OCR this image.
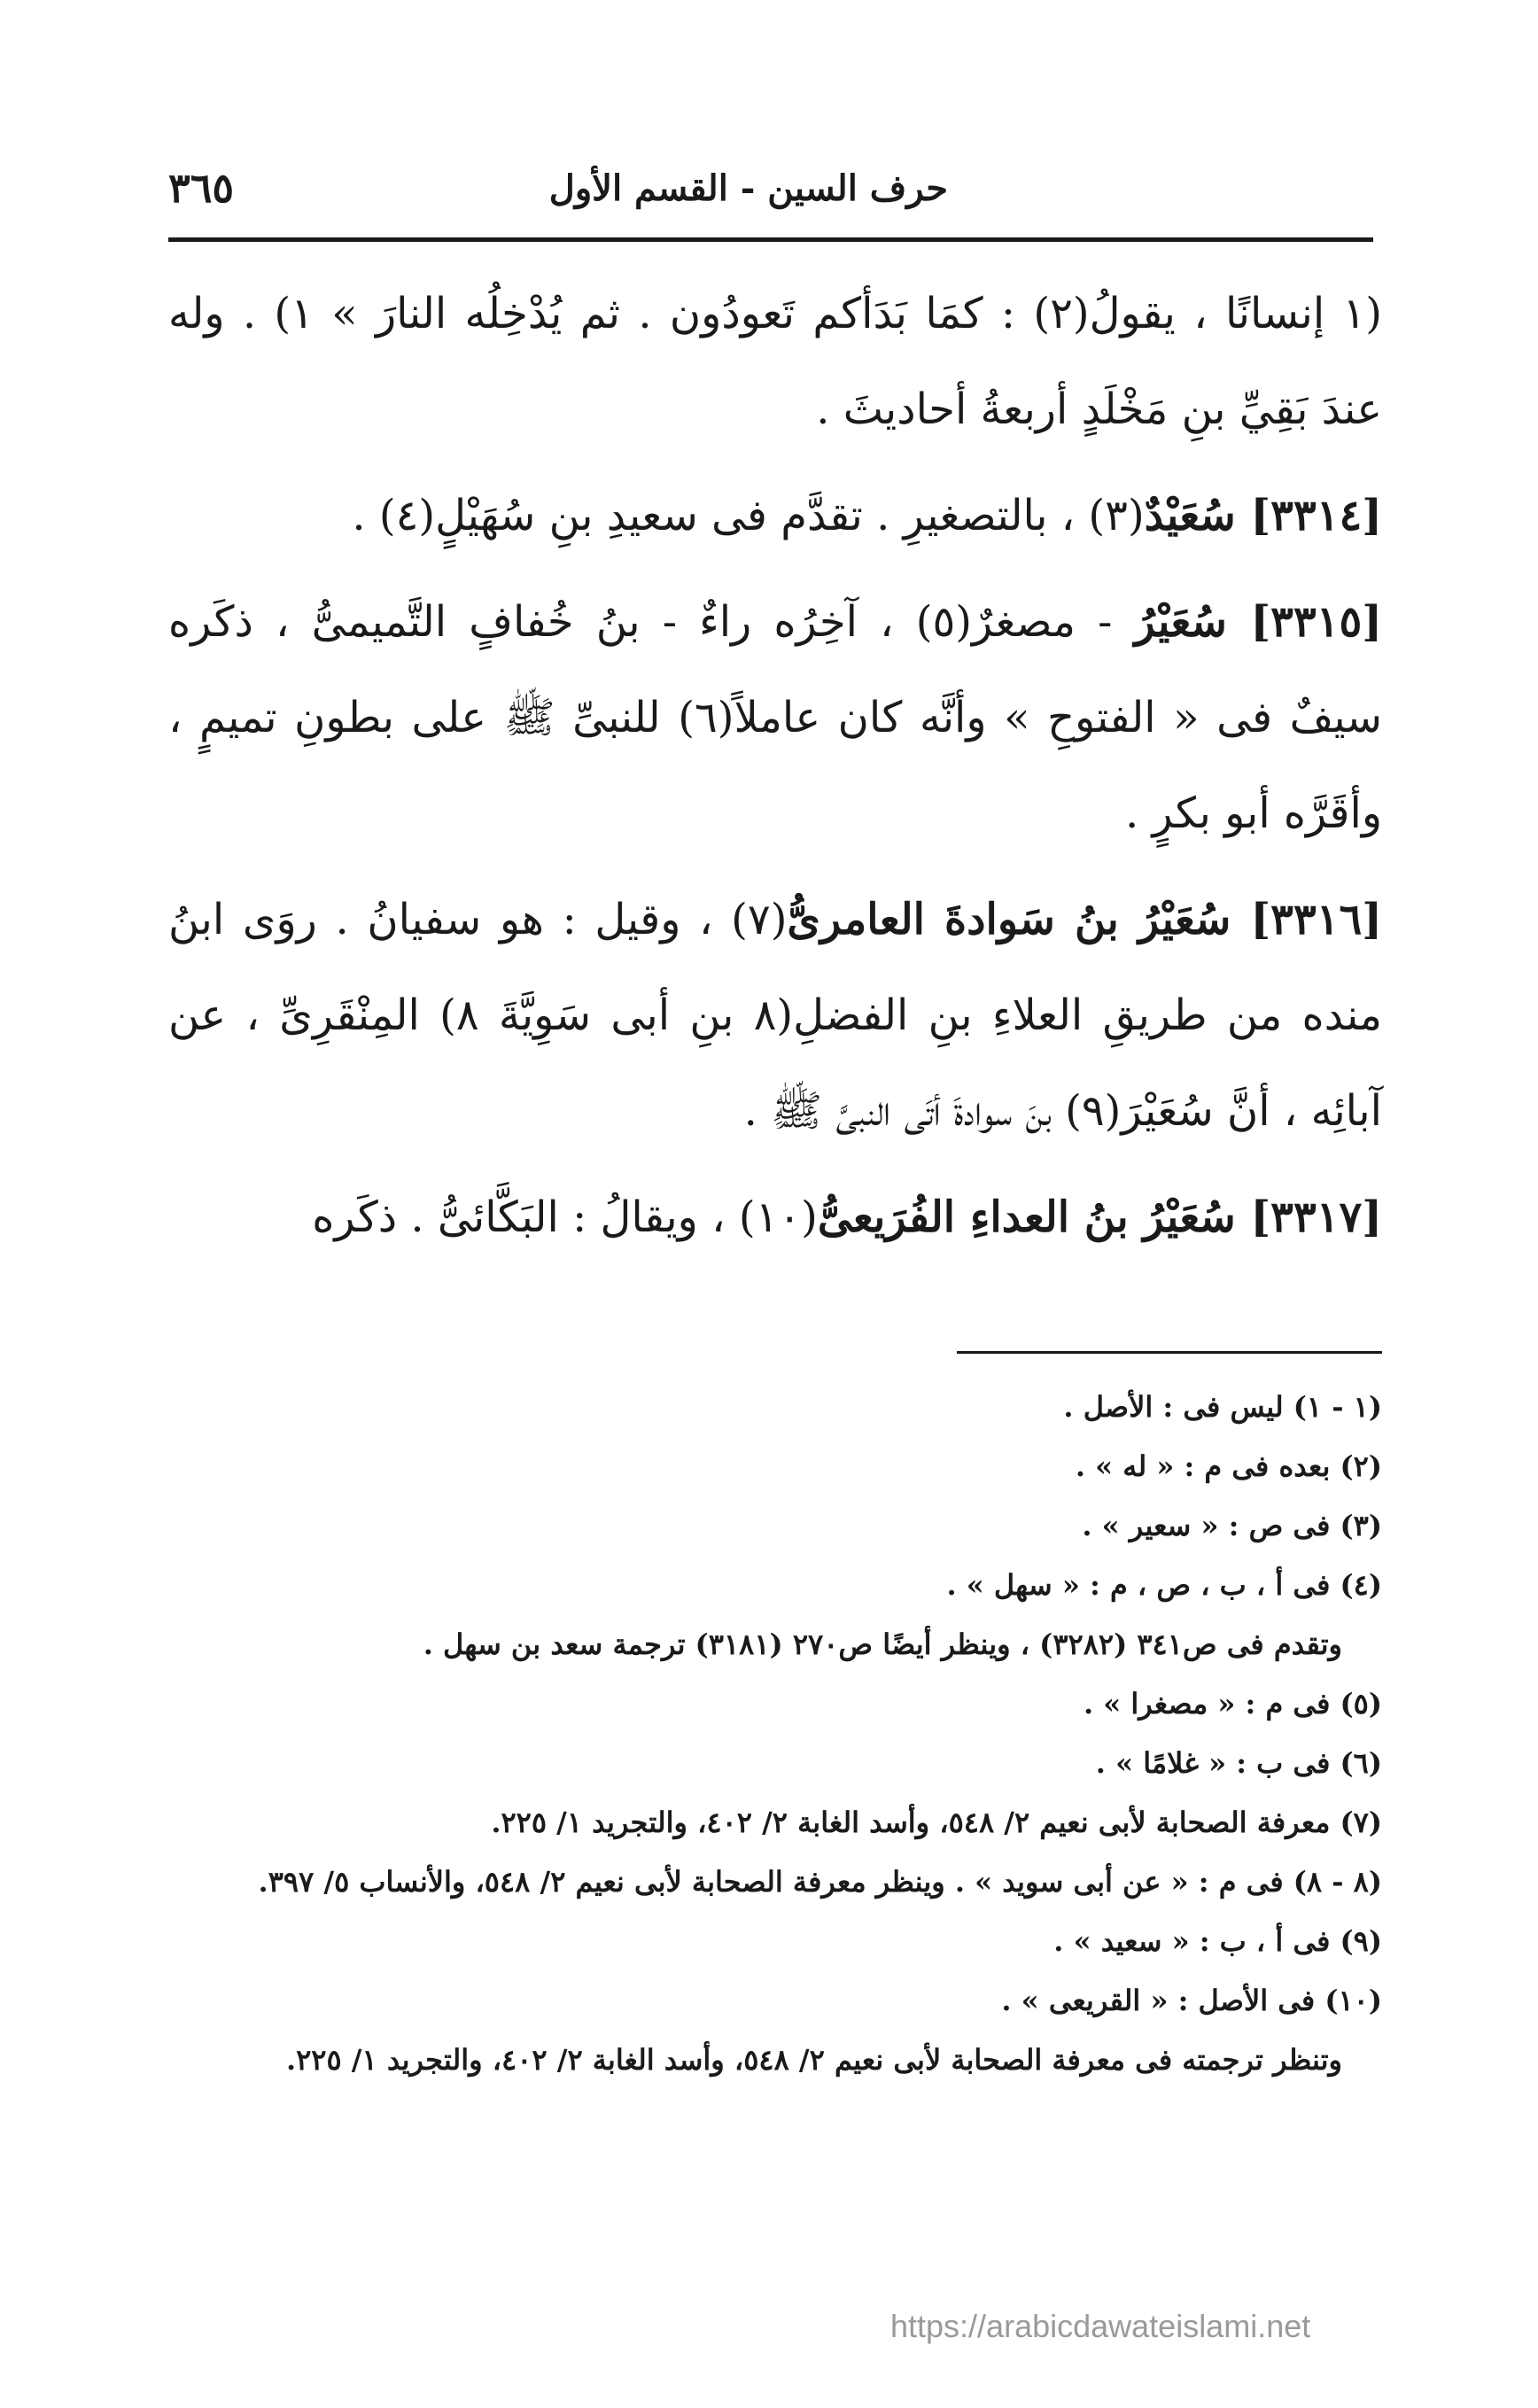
حرف السين - القسم الأول
٣٦٥

(١ إنسانًا ، يقولُ(٢) : كمَا بَدَأكم تَعودُون . ثم يُدْخِلُه النارَ » ١) . وله عندَ بَقِيِّ بنِ مَخْلَدٍ أربعةُ أحاديثَ .

[٣٣١٤] سُعَيْدٌ(٣) ، بالتصغيرِ . تقدَّم فى سعيدِ بنِ سُهَيْلٍ(٤) .

[٣٣١٥] سُعَيْرُ - مصغرٌ(٥) ، آخِرُه راءٌ - بنُ خُفافٍ التَّميمىُّ ، ذكَره سيفٌ فى « الفتوحِ » وأنَّه كان عاملاً(٦) للنبىِّ ﷺ على بطونِ تميمٍ ، وأقَرَّه أبو بكرٍ .

[٣٣١٦] سُعَيْرُ بنُ سَوادةَ العامرىُّ(٧) ، وقيل : هو سفيانُ . روَى ابنُ منده من طريقِ العلاءِ بنِ الفضلِ(٨ بنِ أبى سَوِيَّةَ ٨) المِنْقَرِىِّ ، عن آبائِه ، أنَّ سُعَيْرَ(٩) بنَ سوادةَ أتَى النبىَّ ﷺ .

[٣٣١٧] سُعَيْرُ بنُ العداءِ الفُرَيعىُّ(١٠) ، ويقالُ : البَكَّائىُّ . ذكَره

(١ - ١) ليس فى : الأصل .

(٢) بعده فى م : « له » .

(٣) فى ص : « سعير » .

(٤) فى أ ، ب ، ص ، م : « سهل » .

وتقدم فى ص٣٤١ (٣٢٨٢) ، وينظر أيضًا ص٢٧٠ (٣١٨١) ترجمة سعد بن سهل .

(٥) فى م : « مصغرا » .

(٦) فى ب : « غلامًا » .

(٧) معرفة الصحابة لأبى نعيم ٢/ ٥٤٨، وأسد الغابة ٢/ ٤٠٢، والتجريد ١/ ٢٢٥.

(٨ - ٨) فى م : « عن أبى سويد » . وينظر معرفة الصحابة لأبى نعيم ٢/ ٥٤٨، والأنساب ٥/ ٣٩٧.

(٩) فى أ ، ب : « سعيد » .

(١٠) فى الأصل : « القريعى » .

وتنظر ترجمته فى معرفة الصحابة لأبى نعيم ٢/ ٥٤٨، وأسد الغابة ٢/ ٤٠٢، والتجريد ١/ ٢٢٥.

https://arabicdawateislami.net
